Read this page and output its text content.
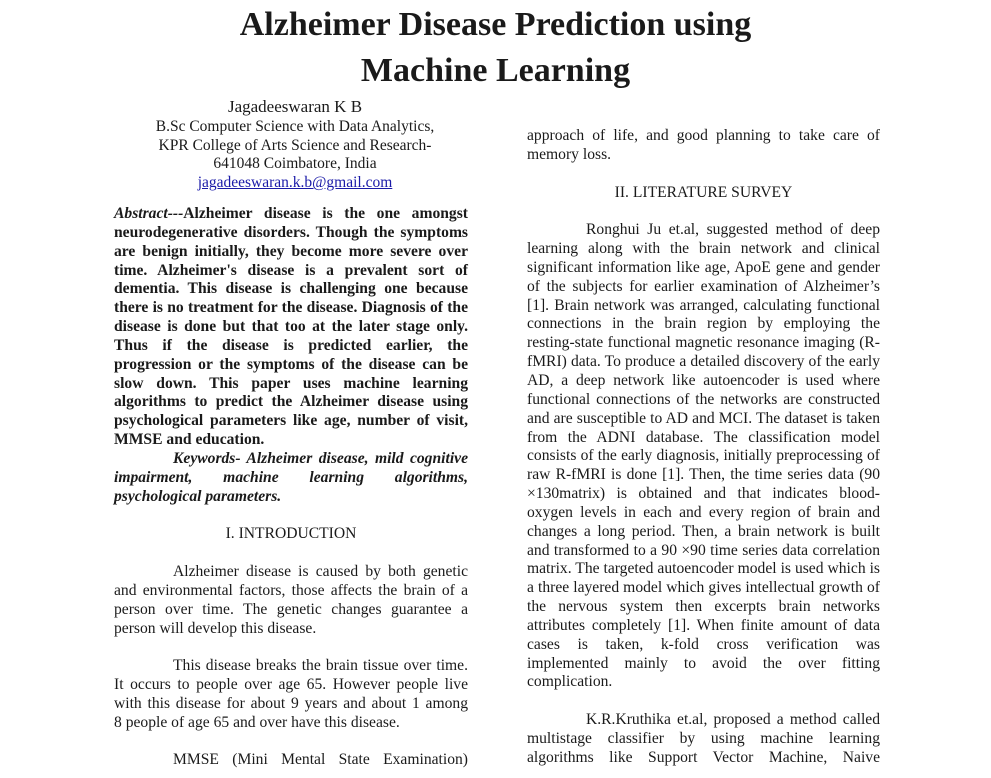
Alzheimer Disease Prediction using
Machine Learning

Jagadeeswaran K B

B.Sc Computer Science with Data Analytics,
KPR College of Arts Science and Research-
641048 Coimbatore, India
jagadeeswaran.k.b@gmail.com

Abstract---Alzheimer disease is the one amongst neurodegenerative disorders. Though the symptoms are benign initially, they become more severe over time. Alzheimer's disease is a prevalent sort of dementia. This disease is challenging one because there is no treatment for the disease. Diagnosis of the disease is done but that too at the later stage only. Thus if the disease is predicted earlier, the progression or the symptoms of the disease can be slow down. This paper uses machine learning algorithms to predict the Alzheimer disease using psychological parameters like age, number of visit, MMSE and education.

Keywords- Alzheimer disease, mild cognitive impairment, machine learning algorithms, psychological parameters.

I. INTRODUCTION

Alzheimer disease is caused by both genetic and environmental factors, those affects the brain of a person over time. The genetic changes guarantee a person will develop this disease.

This disease breaks the brain tissue over time. It occurs to people over age 65. However people live with this disease for about 9 years and about 1 among

8 people of age 65 and over have this disease.

MMSE (Mini Mental State Examination)

approach of life, and good planning to take care of memory loss.

II. LITERATURE SURVEY

Ronghui Ju et.al, suggested method of deep learning along with the brain network and clinical significant information like age, ApoE gene and gender of the subjects for earlier examination of Alzheimer’s [1]. Brain network was arranged, calculating functional connections in the brain region by employing the resting-state functional magnetic resonance imaging (R-fMRI) data. To produce a detailed discovery of the early AD, a deep network like autoencoder is used where functional connections of the networks are constructed and are susceptible to AD and MCI. The dataset is taken from the ADNI database. The classification model consists of the early diagnosis, initially preprocessing of raw R-fMRI is done [1]. Then, the time series data (90 ×130matrix) is obtained and that indicates blood-oxygen levels in each and every region of brain and changes a long period. Then, a brain network is built and transformed to a 90 ×90 time series data correlation matrix. The targeted autoencoder model is used which is a three layered model which gives intellectual growth of the nervous system then excerpts brain networks attributes completely [1]. When finite amount of data cases is taken, k-fold cross verification was implemented mainly to avoid the over fitting complication.

K.R.Kruthika et.al, proposed a method called multistage classifier by using machine learning algorithms like Support Vector Machine, Naive
